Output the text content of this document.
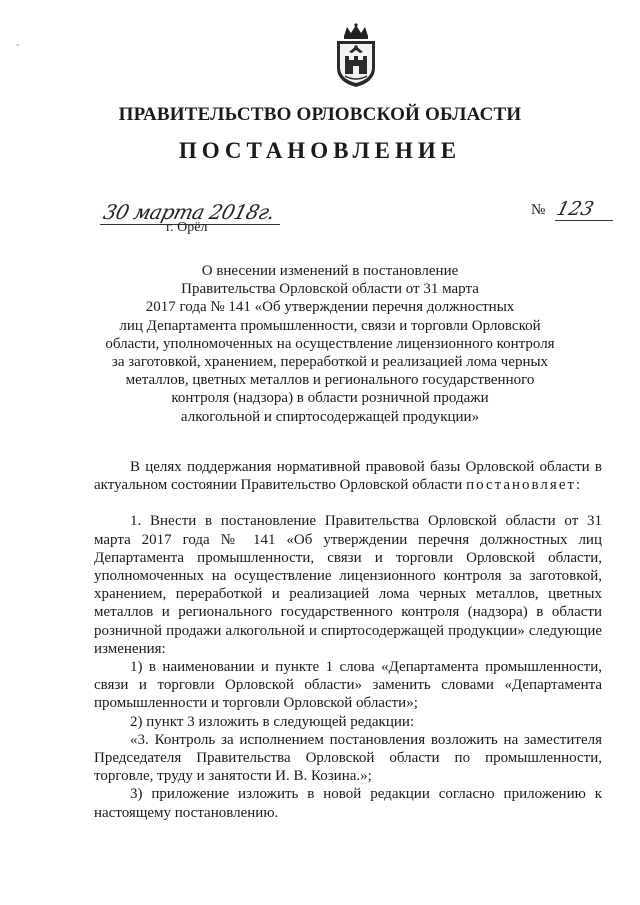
-
ПРАВИТЕЛЬСТВО ОРЛОВСКОЙ ОБЛАСТИ
ПОСТАНОВЛЕНИЕ
30 марта 2018г.
г. Орёл
№ 123
О внесении изменений в постановление
Правительства Орловской области от 31 марта
2017 года № 141 «Об утверждении перечня должностных
лиц Департамента промышленности, связи и торговли Орловской
области, уполномоченных на осуществление лицензионного контроля
за заготовкой, хранением, переработкой и реализацией лома черных
металлов, цветных металлов и регионального государственного
контроля (надзора) в области розничной продажи
алкогольной и спиртосодержащей продукции»

В целях поддержания нормативной правовой базы Орловской области в актуальном состоянии Правительство Орловской области постановляет:

1. Внести в постановление Правительства Орловской области от 31 марта 2017 года № 141 «Об утверждении перечня должностных лиц Департамента промышленности, связи и торговли Орловской области, уполномоченных на осуществление лицензионного контроля за заготовкой, хранением, переработкой и реализацией лома черных металлов, цветных металлов и регионального государственного контроля (надзора) в области розничной продажи алкогольной и спиртосодержащей продукции» следующие изменения:

1) в наименовании и пункте 1 слова «Департамента промышленности, связи и торговли Орловской области» заменить словами «Департамента промышленности и торговли Орловской области»;

2) пункт 3 изложить в следующей редакции:

«3. Контроль за исполнением постановления возложить на заместителя Председателя Правительства Орловской области по промышленности, торговле, труду и занятости И. В. Козина.»;

3) приложение изложить в новой редакции согласно приложению к настоящему постановлению.
